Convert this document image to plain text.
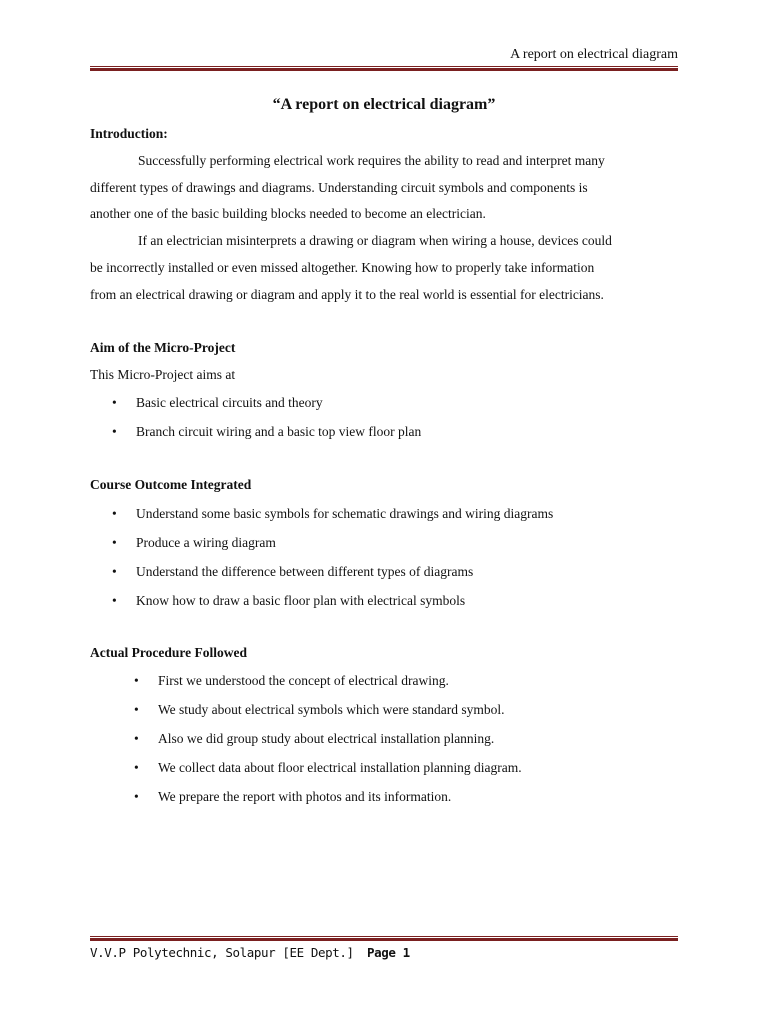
A report on electrical diagram
“A report on electrical diagram”
Introduction:
Successfully performing electrical work requires the ability to read and interpret many
different types of drawings and diagrams. Understanding circuit symbols and components is
another one of the basic building blocks needed to become an electrician.
If an electrician misinterprets a drawing or diagram when wiring a house, devices could
be incorrectly installed or even missed altogether. Knowing how to properly take information
from an electrical drawing or diagram and apply it to the real world is essential for electricians.
Aim of the Micro-Project
This Micro-Project aims at
• Basic electrical circuits and theory
• Branch circuit wiring and a basic top view floor plan
Course Outcome Integrated
• Understand some basic symbols for schematic drawings and wiring diagrams
• Produce a wiring diagram
• Understand the difference between different types of diagrams
• Know how to draw a basic floor plan with electrical symbols
Actual Procedure Followed
• First we understood the concept of electrical drawing.
• We study about electrical symbols which were standard symbol.
• Also we did group study about electrical installation planning.
• We collect data about floor electrical installation planning diagram.
• We prepare the report with photos and its information.
V.V.P Polytechnic, Solapur [EE Dept.] Page 1
